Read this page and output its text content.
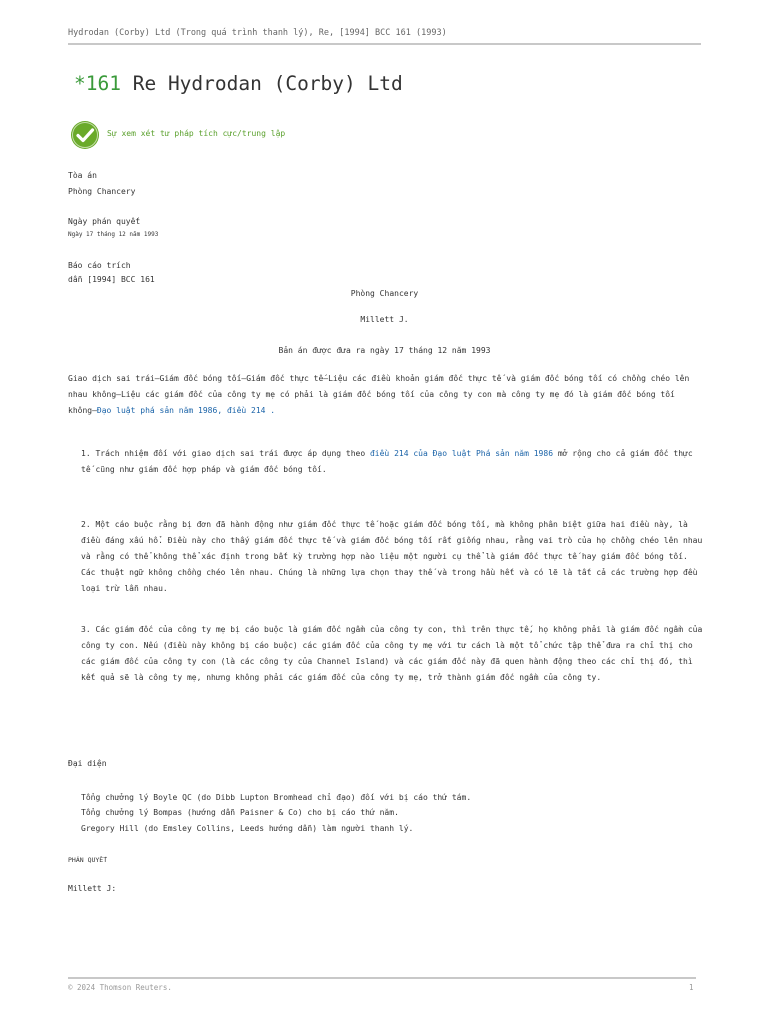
Hydrodan (Corby) Ltd (Trong quá trình thanh lý), Re, [1994] BCC 161 (1993)
*161 Re Hydrodan (Corby) Ltd
Sự xem xét tư pháp tích cực/trung lập
Tòa án
Phòng Chancery
Ngày phán quyết
Ngày 17 tháng 12 năm 1993
Báo cáo trích
dẫn [1994] BCC 161
Phòng Chancery
Millett J.
Bản án được đưa ra ngày 17 tháng 12 năm 1993

Giao dịch sai trái—Giám đốc bóng tối—Giám đốc thực tế—Liệu các điều khoản giám đốc thực tế và giám đốc bóng tối có chồng chéo lên nhau không—Liệu các giám đốc của công ty mẹ có phải là giám đốc bóng tối của công ty con mà công ty mẹ đó là giám đốc bóng tối không—Đạo luật phá sản năm 1986, điều 214 .

1. Trách nhiệm đối với giao dịch sai trái được áp dụng theo điều 214 của Đạo luật Phá sản năm 1986 mở rộng cho cả giám đốc thực tế cũng như giám đốc hợp pháp và giám đốc bóng tối.

2. Một cáo buộc rằng bị đơn đã hành động như giám đốc thực tế hoặc giám đốc bóng tối, mà không phân biệt giữa hai điều này, là điều đáng xấu hổ. Điều này cho thấy giám đốc thực tế và giám đốc bóng tối rất giống nhau, rằng vai trò của họ chồng chéo lên nhau và rằng có thể không thể xác định trong bất kỳ trường hợp nào liệu một người cụ thể là giám đốc thực tế hay giám đốc bóng tối. Các thuật ngữ không chồng chéo lên nhau. Chúng là những lựa chọn thay thế và trong hầu hết và có lẽ là tất cả các trường hợp đều loại trừ lẫn nhau.

3. Các giám đốc của công ty mẹ bị cáo buộc là giám đốc ngầm của công ty con, thì trên thực tế, họ không phải là giám đốc ngầm của công ty con. Nếu (điều này không bị cáo buộc) các giám đốc của công ty mẹ với tư cách là một tổ chức tập thể đưa ra chỉ thị cho các giám đốc của công ty con (là các công ty của Channel Island) và các giám đốc này đã quen hành động theo các chỉ thị đó, thì kết quả sẽ là công ty mẹ, nhưng không phải các giám đốc của công ty mẹ, trở thành giám đốc ngầm của công ty.

Đại diện
Tổng chưởng lý Boyle QC (do Dibb Lupton Bromhead chỉ đạo) đối với bị cáo thứ tám.
Tổng chưởng lý Bompas (hướng dẫn Paisner & Co) cho bị cáo thứ năm.
Gregory Hill (do Emsley Collins, Leeds hướng dẫn) làm người thanh lý.
PHÁN QUYẾT
Millett J:
© 2024 Thomson Reuters.	1
